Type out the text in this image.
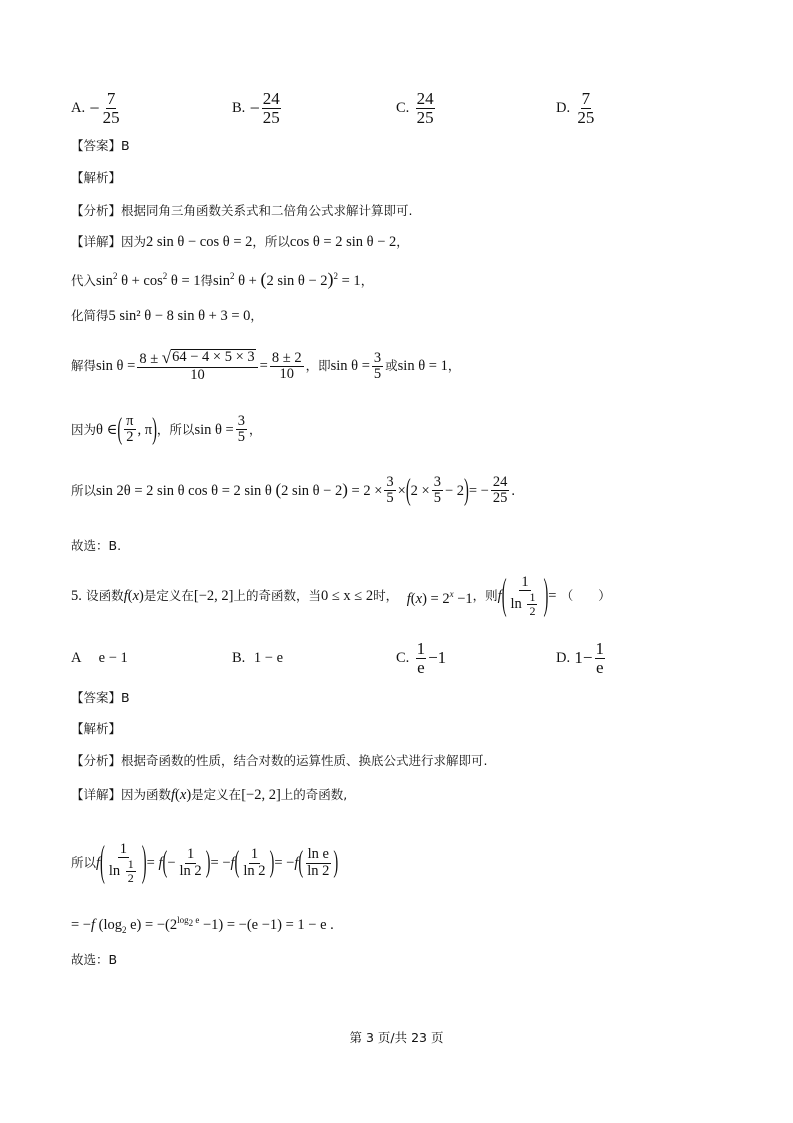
A.
− $\frac{7}{25}$	B.
− $\frac{24}{25}$	C.
$\frac{24}{25}$	D.
$\frac{7}{25}$
【答案】B
【解析】
【分析】根据同角三角函数关系式和二倍角公式求解计算即可.
【详解】因为2 sin θ − cos θ = 2，所以cos θ = 2 sin θ − 2，
代入$\sin^2 \theta + \cos^2 \theta = 1$得$\sin^2 \theta + (2$ sin θ − 2)$^2$ = 1，
化简得5 sin² θ − 8 sin θ + 3 = 0，
解得 $\sin \theta = \frac{8 \pm √ 64 - 4 \times 5 \times 3}{10} = \frac{8 \pm 2}{10}$ ，即 $\sin \theta = \frac{3}{5}$ 或 sin θ = 1 ，
因为 θ ∈ ( $\frac{\pi}{2}$ , π ) ，所以 $\sin \theta = \frac{3}{5}$ ，
所以 sin 2θ = 2 sin θ cos θ = 2 sin θ (2 $\sin \theta - 2) = 2 \times \frac{3}{5}$ × ( $2 \times \frac{3}{5} - 2$ ) = − $\frac{24}{25}$ .
故选：B.
5.
设函数 f (x) 是定义在 [−2, 2] 上的奇函数，当 0 ≤ x ≤ 2 时，
$f(x) = 2^x -1$ ，则 f ( $\frac{1}{\ln \frac{1}{2}}$ ) =
（　　）
A
e − 1	B.
1 − e	C.
$\frac{1}{e} -1$	D.
$1- \frac{1}{e}$
【答案】B
【解析】
【分析】根据奇函数的性质，结合对数的运算性质、换底公式进行求解即可.
【详解】因为函数f(x)是定义在[−2, 2]上的奇函数,
所以 f ( $\frac{1}{\ln \frac{1}{2}}$ ) = f ( − $\frac{1}{\ln 2}$ ) = −f ( $\frac{1}{\ln 2}$ ) = −f ( $\frac{\text{ln e}}{\ln 2}$ )
= −f ($\log_2$ $e) = -(2^{log_2 e} -1) = -(e -1) = 1 - e$ .
故选：B
第 3 页/共 23 页
